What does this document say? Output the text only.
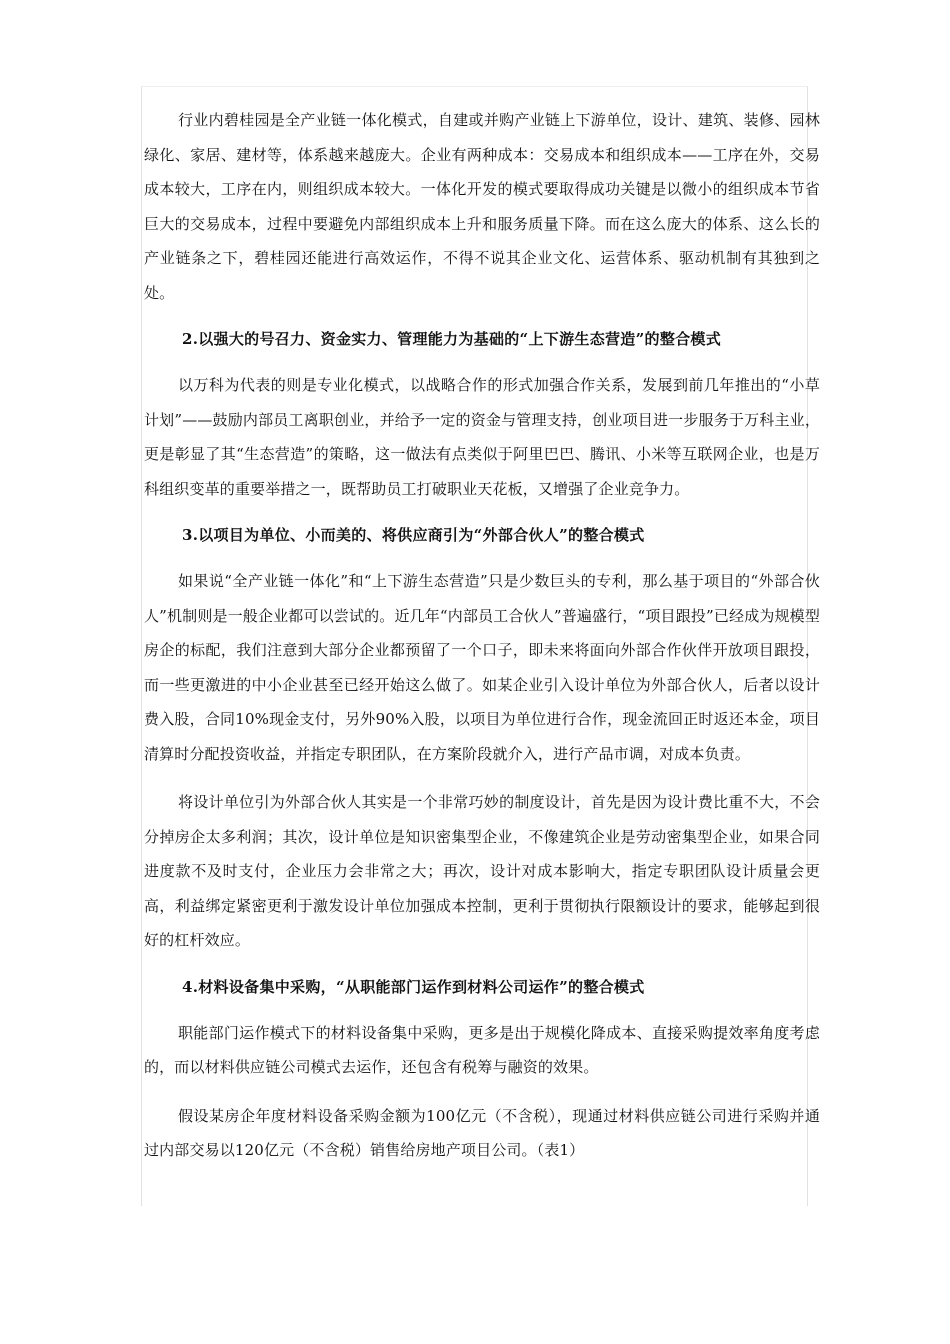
行业内碧桂园是全产业链一体化模式，自建或并购产业链上下游单位，设计、建筑、装修、园林绿化、家居、建材等，体系越来越庞大。企业有两种成本：交易成本和组织成本——工序在外，交易成本较大，工序在内，则组织成本较大。一体化开发的模式要取得成功关键是以微小的组织成本节省巨大的交易成本，过程中要避免内部组织成本上升和服务质量下降。而在这么庞大的体系、这么长的产业链条之下，碧桂园还能进行高效运作，不得不说其企业文化、运营体系、驱动机制有其独到之处。

2.以强大的号召力、资金实力、管理能力为基础的“上下游生态营造”的整合模式

以万科为代表的则是专业化模式，以战略合作的形式加强合作关系，发展到前几年推出的“小草计划”——鼓励内部员工离职创业，并给予一定的资金与管理支持，创业项目进一步服务于万科主业，更是彰显了其“生态营造”的策略，这一做法有点类似于阿里巴巴、腾讯、小米等互联网企业，也是万科组织变革的重要举措之一，既帮助员工打破职业天花板，又增强了企业竞争力。

3.以项目为单位、小而美的、将供应商引为“外部合伙人”的整合模式

如果说“全产业链一体化”和“上下游生态营造”只是少数巨头的专利，那么基于项目的“外部合伙人”机制则是一般企业都可以尝试的。近几年“内部员工合伙人”普遍盛行，“项目跟投”已经成为规模型房企的标配，我们注意到大部分企业都预留了一个口子，即未来将面向外部合作伙伴开放项目跟投，而一些更激进的中小企业甚至已经开始这么做了。如某企业引入设计单位为外部合伙人，后者以设计费入股，合同10%现金支付，另外90%入股，以项目为单位进行合作，现金流回正时返还本金，项目清算时分配投资收益，并指定专职团队，在方案阶段就介入，进行产品市调，对成本负责。

将设计单位引为外部合伙人其实是一个非常巧妙的制度设计，首先是因为设计费比重不大，不会分掉房企太多利润；其次，设计单位是知识密集型企业，不像建筑企业是劳动密集型企业，如果合同进度款不及时支付，企业压力会非常之大；再次，设计对成本影响大，指定专职团队设计质量会更高，利益绑定紧密更利于激发设计单位加强成本控制，更利于贯彻执行限额设计的要求，能够起到很好的杠杆效应。

4.材料设备集中采购，“从职能部门运作到材料公司运作”的整合模式

职能部门运作模式下的材料设备集中采购，更多是出于规模化降成本、直接采购提效率角度考虑的，而以材料供应链公司模式去运作，还包含有税筹与融资的效果。

假设某房企年度材料设备采购金额为100亿元（不含税），现通过材料供应链公司进行采购并通过内部交易以120亿元（不含税）销售给房地产项目公司。（表1）
